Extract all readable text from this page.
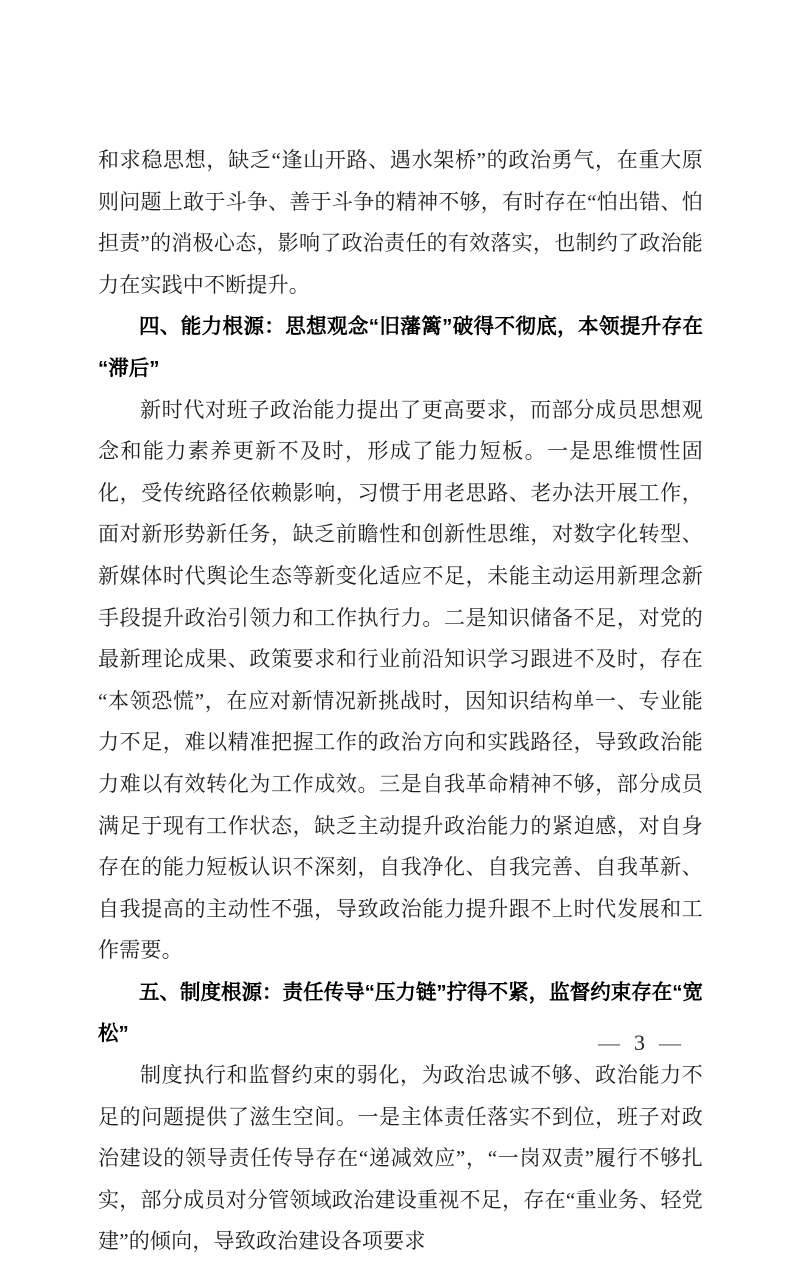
和求稳思想，缺乏“逢山开路、遇水架桥”的政治勇气，在重大原则问题上敢于斗争、善于斗争的精神不够，有时存在“怕出错、怕担责”的消极心态，影响了政治责任的有效落实，也制约了政治能力在实践中不断提升。

四、能力根源：思想观念“旧藩篱”破得不彻底，本领提升存在“滞后”

新时代对班子政治能力提出了更高要求，而部分成员思想观念和能力素养更新不及时，形成了能力短板。一是思维惯性固化，受传统路径依赖影响，习惯于用老思路、老办法开展工作，面对新形势新任务，缺乏前瞻性和创新性思维，对数字化转型、新媒体时代舆论生态等新变化适应不足，未能主动运用新理念新手段提升政治引领力和工作执行力。二是知识储备不足，对党的最新理论成果、政策要求和行业前沿知识学习跟进不及时，存在“本领恐慌”，在应对新情况新挑战时，因知识结构单一、专业能力不足，难以精准把握工作的政治方向和实践路径，导致政治能力难以有效转化为工作成效。三是自我革命精神不够，部分成员满足于现有工作状态，缺乏主动提升政治能力的紧迫感，对自身存在的能力短板认识不深刻，自我净化、自我完善、自我革新、自我提高的主动性不强，导致政治能力提升跟不上时代发展和工作需要。

五、制度根源：责任传导“压力链”拧得不紧，监督约束存在“宽松”

制度执行和监督约束的弱化，为政治忠诚不够、政治能力不足的问题提供了滋生空间。一是主体责任落实不到位，班子对政治建设的领导责任传导存在“递减效应”，“一岗双责”履行不够扎实，部分成员对分管领域政治建设重视不足，存在“重业务、轻党建”的倾向，导致政治建设各项要求

— 3 —
